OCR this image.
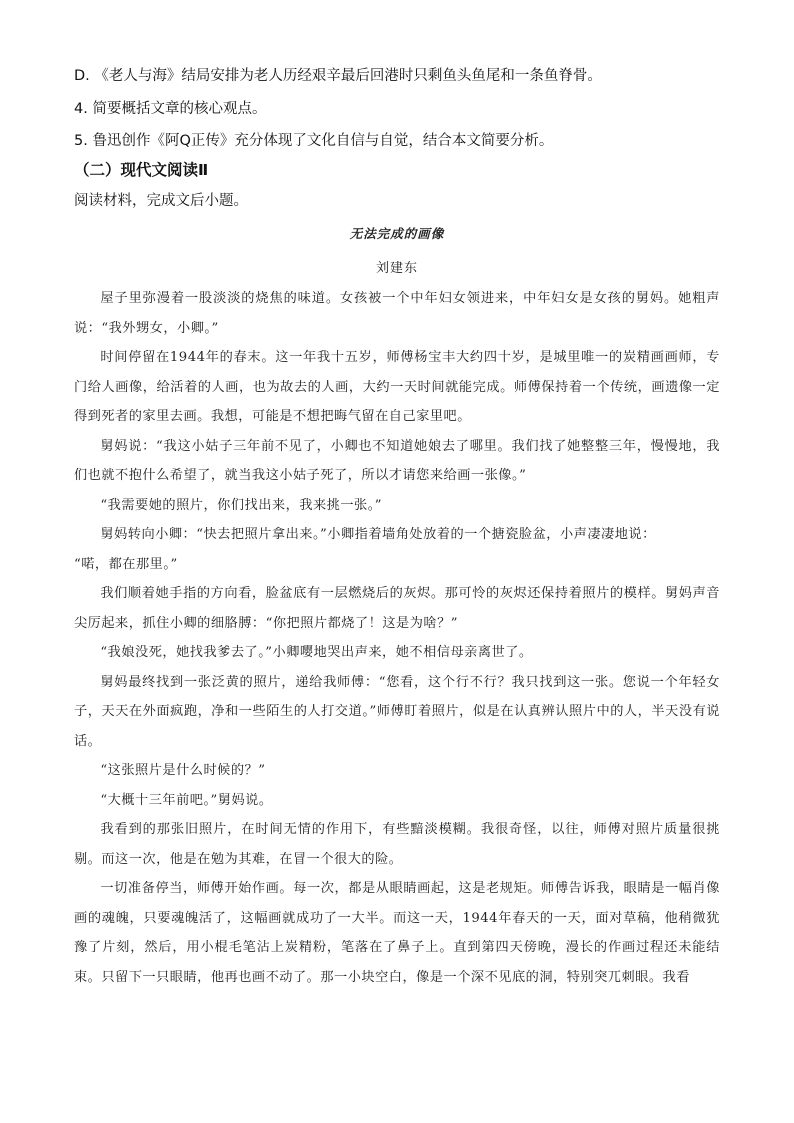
D. 《老人与海》结局安排为老人历经艰辛最后回港时只剩鱼头鱼尾和一条鱼脊骨。
4. 简要概括文章的核心观点。
5. 鲁迅创作《阿Q正传》充分体现了文化自信与自觉，结合本文简要分析。
（二）现代文阅读Ⅱ
阅读材料，完成文后小题。
无法完成的画像
刘建东

屋子里弥漫着一股淡淡的烧焦的味道。女孩被一个中年妇女领进来，中年妇女是女孩的舅妈。她粗声说：“我外甥女，小卿。”

时间停留在1944年的春末。这一年我十五岁，师傅杨宝丰大约四十岁，是城里唯一的炭精画画师，专门给人画像，给活着的人画，也为故去的人画，大约一天时间就能完成。师傅保持着一个传统，画遗像一定得到死者的家里去画。我想，可能是不想把晦气留在自己家里吧。

舅妈说：“我这小姑子三年前不见了，小卿也不知道她娘去了哪里。我们找了她整整三年，慢慢地，我们也就不抱什么希望了，就当我这小姑子死了，所以才请您来给画一张像。”

“我需要她的照片，你们找出来，我来挑一张。”

舅妈转向小卿：“快去把照片拿出来。”小卿指着墙角处放着的一个搪瓷脸盆，小声凄凄地说：

“喏，都在那里。”

我们顺着她手指的方向看，脸盆底有一层燃烧后的灰烬。那可怜的灰烬还保持着照片的模样。舅妈声音尖厉起来，抓住小卿的细胳膊：“你把照片都烧了！这是为啥？”

“我娘没死，她找我爹去了。”小卿嘤地哭出声来，她不相信母亲离世了。

舅妈最终找到一张泛黄的照片，递给我师傅：“您看，这个行不行？我只找到这一张。您说一个年轻女子，天天在外面疯跑，净和一些陌生的人打交道。”师傅盯着照片，似是在认真辨认照片中的人，半天没有说话。

“这张照片是什么时候的？”

“大概十三年前吧。”舅妈说。

我看到的那张旧照片，在时间无情的作用下，有些黯淡模糊。我很奇怪，以往，师傅对照片质量很挑剔。而这一次，他是在勉为其难，在冒一个很大的险。

一切准备停当，师傅开始作画。每一次，都是从眼睛画起，这是老规矩。师傅告诉我，眼睛是一幅肖像画的魂魄，只要魂魄活了，这幅画就成功了一大半。而这一天，1944年春天的一天，面对草稿，他稍微犹豫了片刻，然后，用小棍毛笔沾上炭精粉，笔落在了鼻子上。直到第四天傍晚，漫长的作画过程还未能结束。只留下一只眼睛，他再也画不动了。那一小块空白，像是一个深不见底的洞，特别突兀刺眼。我看
